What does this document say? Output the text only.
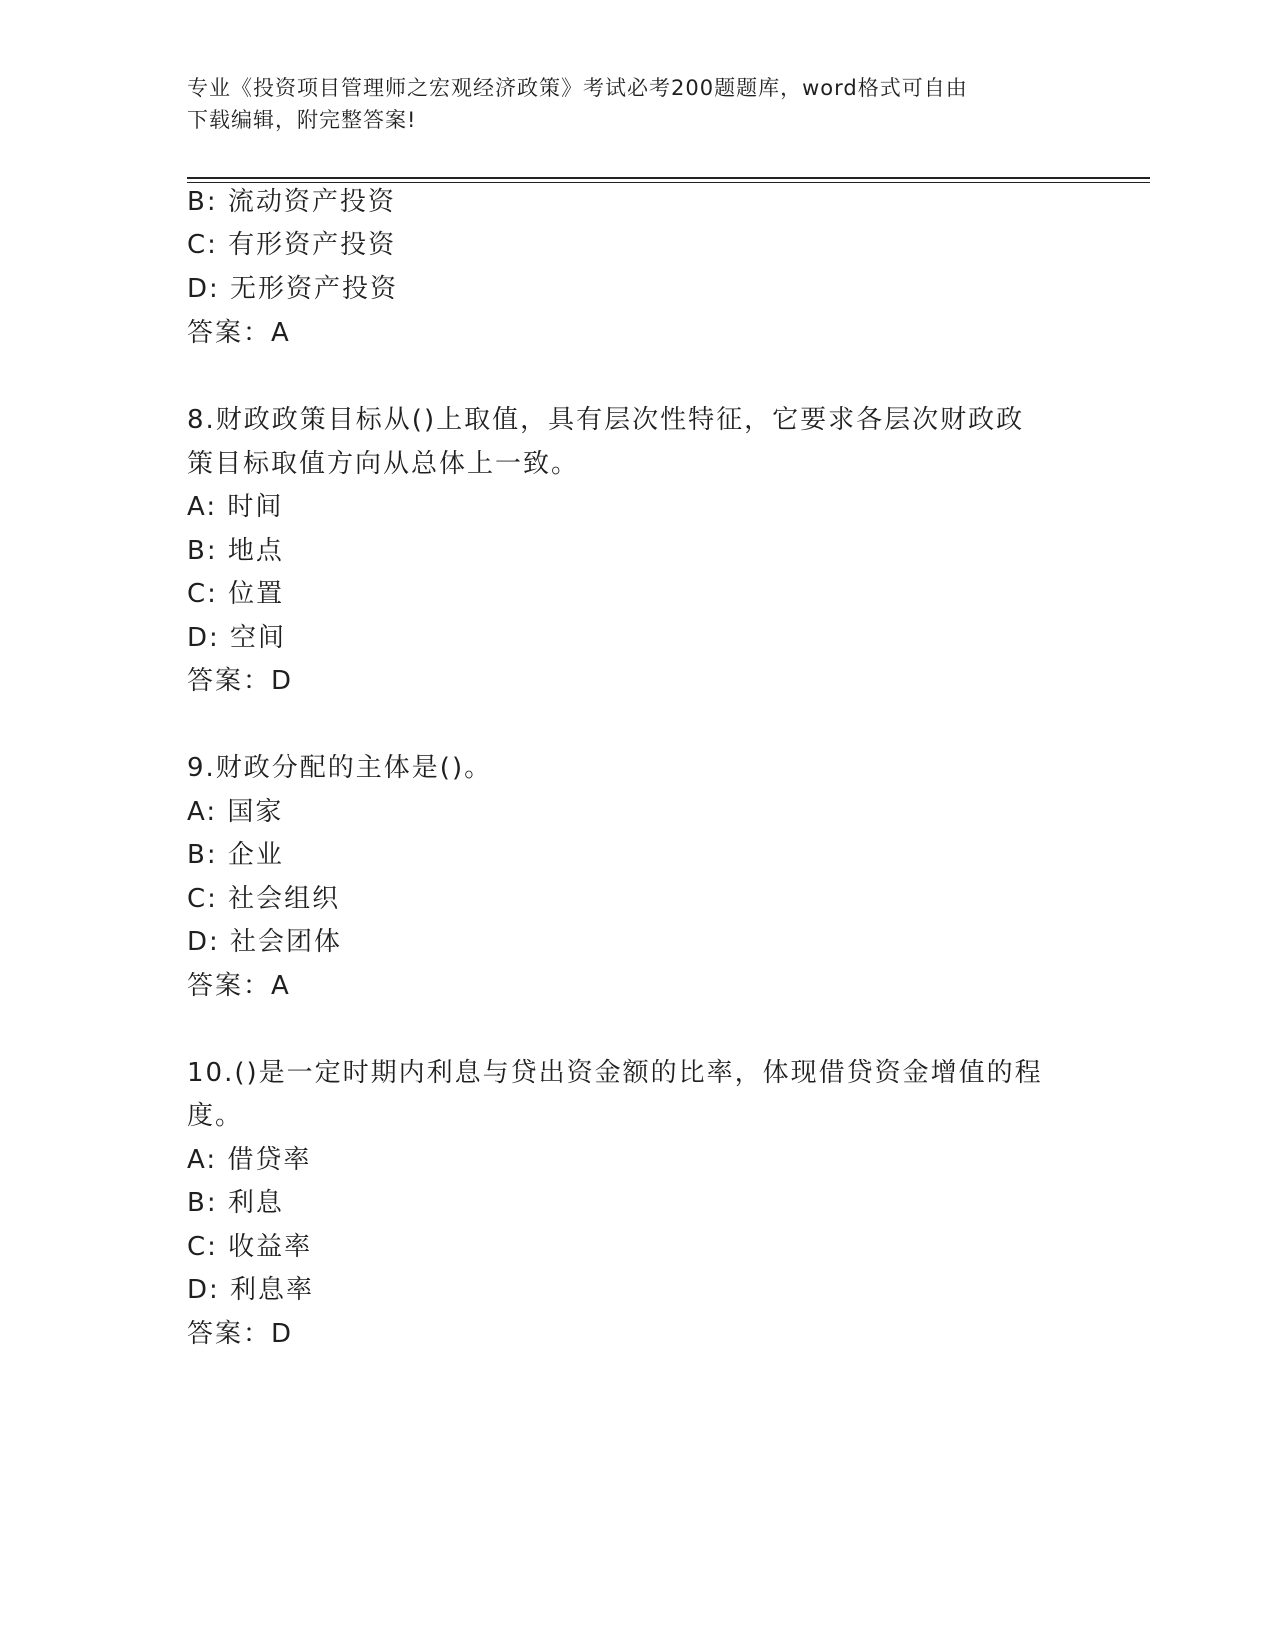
专业《投资项目管理师之宏观经济政策》考试必考200题题库，word格式可自由
下载编辑，附完整答案!
B: 流动资产投资
C: 有形资产投资
D: 无形资产投资
答案：A
8.财政政策目标从()上取值，具有层次性特征，它要求各层次财政政
策目标取值方向从总体上一致。
A: 时间
B: 地点
C: 位置
D: 空间
答案：D
9.财政分配的主体是()。
A: 国家
B: 企业
C: 社会组织
D: 社会团体
答案：A
10.()是一定时期内利息与贷出资金额的比率，体现借贷资金增值的程
度。
A: 借贷率
B: 利息
C: 收益率
D: 利息率
答案：D
